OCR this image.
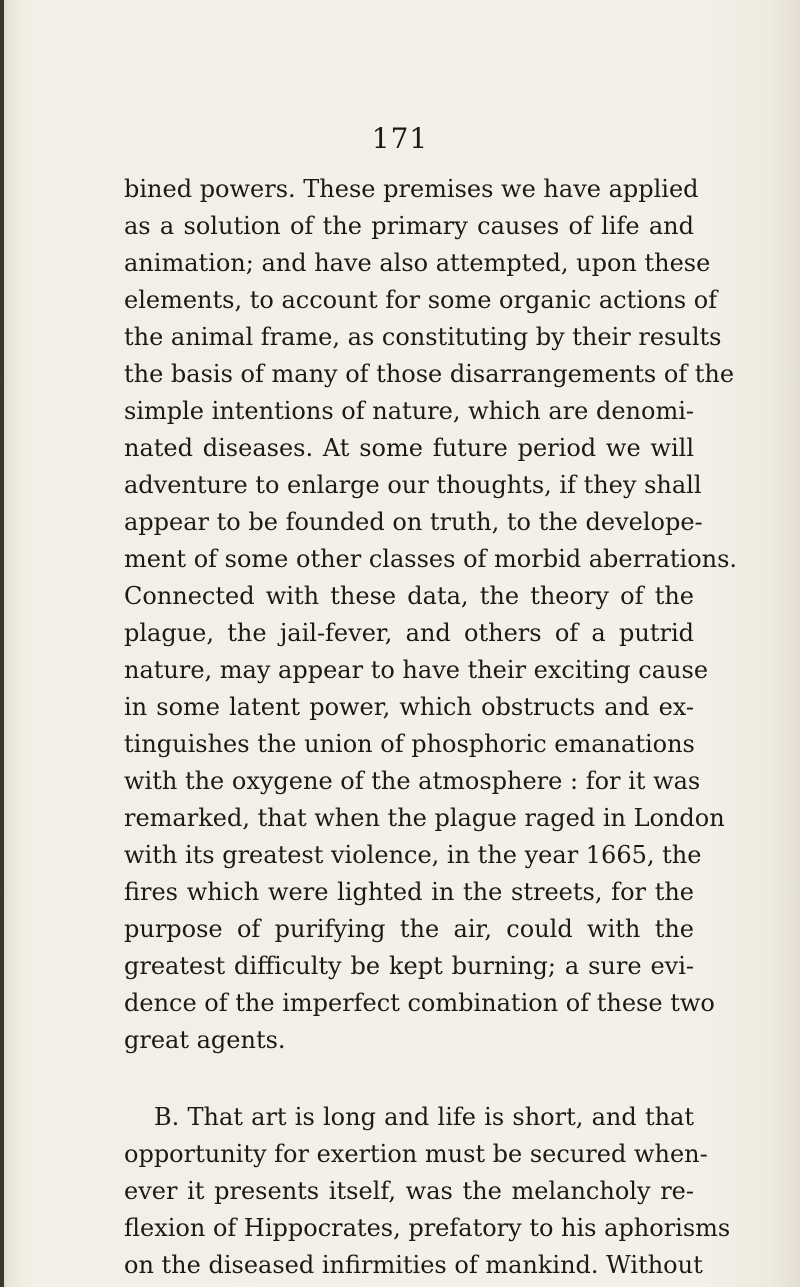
171
bined powers. These premises we have applied
as a solution of the primary causes of life and
animation; and have also attempted, upon these
elements, to account for some organic actions of
the animal frame, as constituting by their results
the basis of many of those disarrangements of the
simple intentions of nature, which are denomi-
nated diseases. At some future period we will
adventure to enlarge our thoughts, if they shall
appear to be founded on truth, to the develope-
ment of some other classes of morbid aberrations.
Connected with these data, the theory of the
plague, the jail-fever, and others of a putrid
nature, may appear to have their exciting cause
in some latent power, which obstructs and ex-
tinguishes the union of phosphoric emanations
with the oxygene of the atmosphere : for it was
remarked, that when the plague raged in London
with its greatest violence, in the year 1665, the
fires which were lighted in the streets, for the
purpose of purifying the air, could with the
greatest difficulty be kept burning; a sure evi-
dence of the imperfect combination of these two
great agents.
B. That art is long and life is short, and that
opportunity for exertion must be secured when-
ever it presents itself, was the melancholy re-
flexion of Hippocrates, prefatory to his aphorisms
on the diseased infirmities of mankind. Without
